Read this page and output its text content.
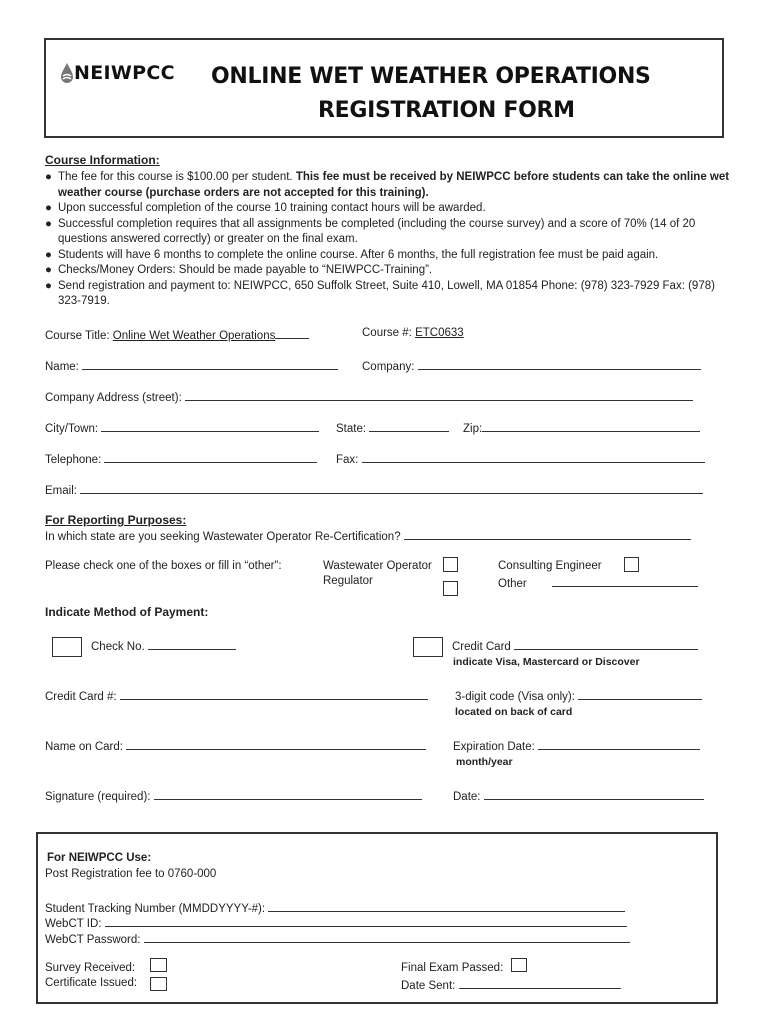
NEIWPCC ONLINE WET WEATHER OPERATIONS
REGISTRATION FORM
Course Information:
● The fee for this course is $100.00 per student. This fee must be received by NEIWPCC before students can take the online wet weather course (purchase orders are not accepted for this training).
● Upon successful completion of the course 10 training contact hours will be awarded.
● Successful completion requires that all assignments be completed (including the course survey) and a score of 70% (14 of 20 questions answered correctly) or greater on the final exam.
● Students will have 6 months to complete the online course. After 6 months, the full registration fee must be paid again.
● Checks/Money Orders: Should be made payable to “NEIWPCC-Training”.
● Send registration and payment to: NEIWPCC, 650 Suffolk Street, Suite 410, Lowell, MA 01854 Phone: (978) 323-7929 Fax: (978) 323-7919.
Course Title: Online Wet Weather Operations	Course #: ETC0633
Name:	Company:
Company Address (street):
City/Town:	State:	Zip:
Telephone:	Fax:
Email:
For Reporting Purposes:
In which state are you seeking Wastewater Operator Re-Certification?
Please check one of the boxes or fill in “other”:	Wastewater Operator
Regulator
Consulting Engineer
Other
Indicate Method of Payment:
Check No.	Credit Card
indicate Visa, Mastercard or Discover
Credit Card #:	3-digit code (Visa only):
located on back of card
Name on Card:	Expiration Date:
month/year
Signature (required):	Date:
For NEIWPCC Use:
Post Registration fee to 0760-000
Student Tracking Number (MMDDYYYY-#):
WebCT ID:
WebCT Password:
Survey Received:
Certificate Issued:
Final Exam Passed:
Date Sent:
